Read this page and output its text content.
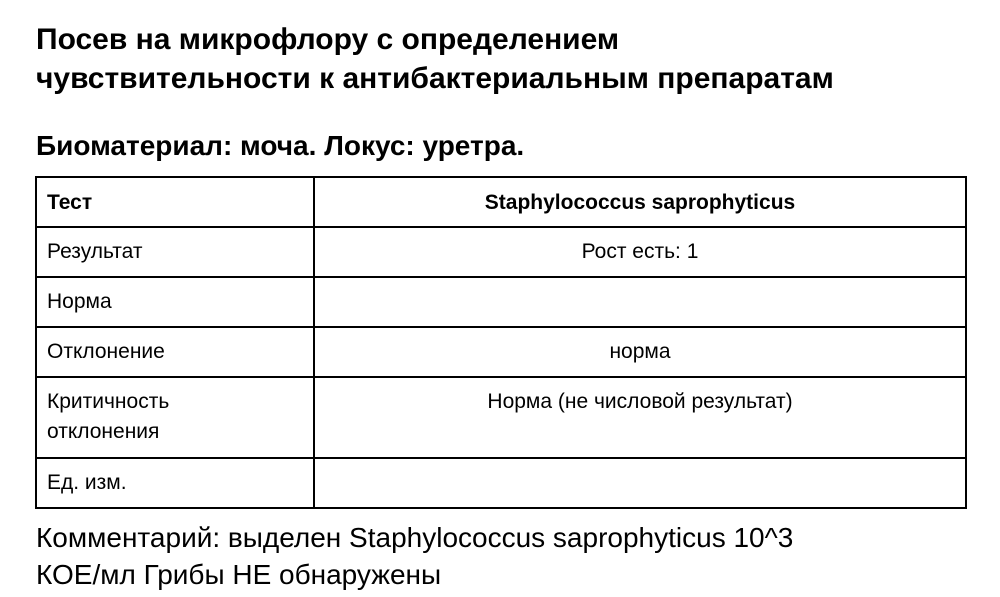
Посев на микрофлору с определением
чувствительности к антибактериальным препаратам
Биоматериал: моча. Локус: уретра.
Тест	Staphylococcus saprophyticus
Результат	Рост есть: 1
Норма	
Отклонение	норма

Критичность
отклонения	Норма (не числовой результат)
Ед. изм.	

Комментарий: выделен Staphylococcus saprophyticus 10^3
КОЕ/мл Грибы НЕ обнаружены
